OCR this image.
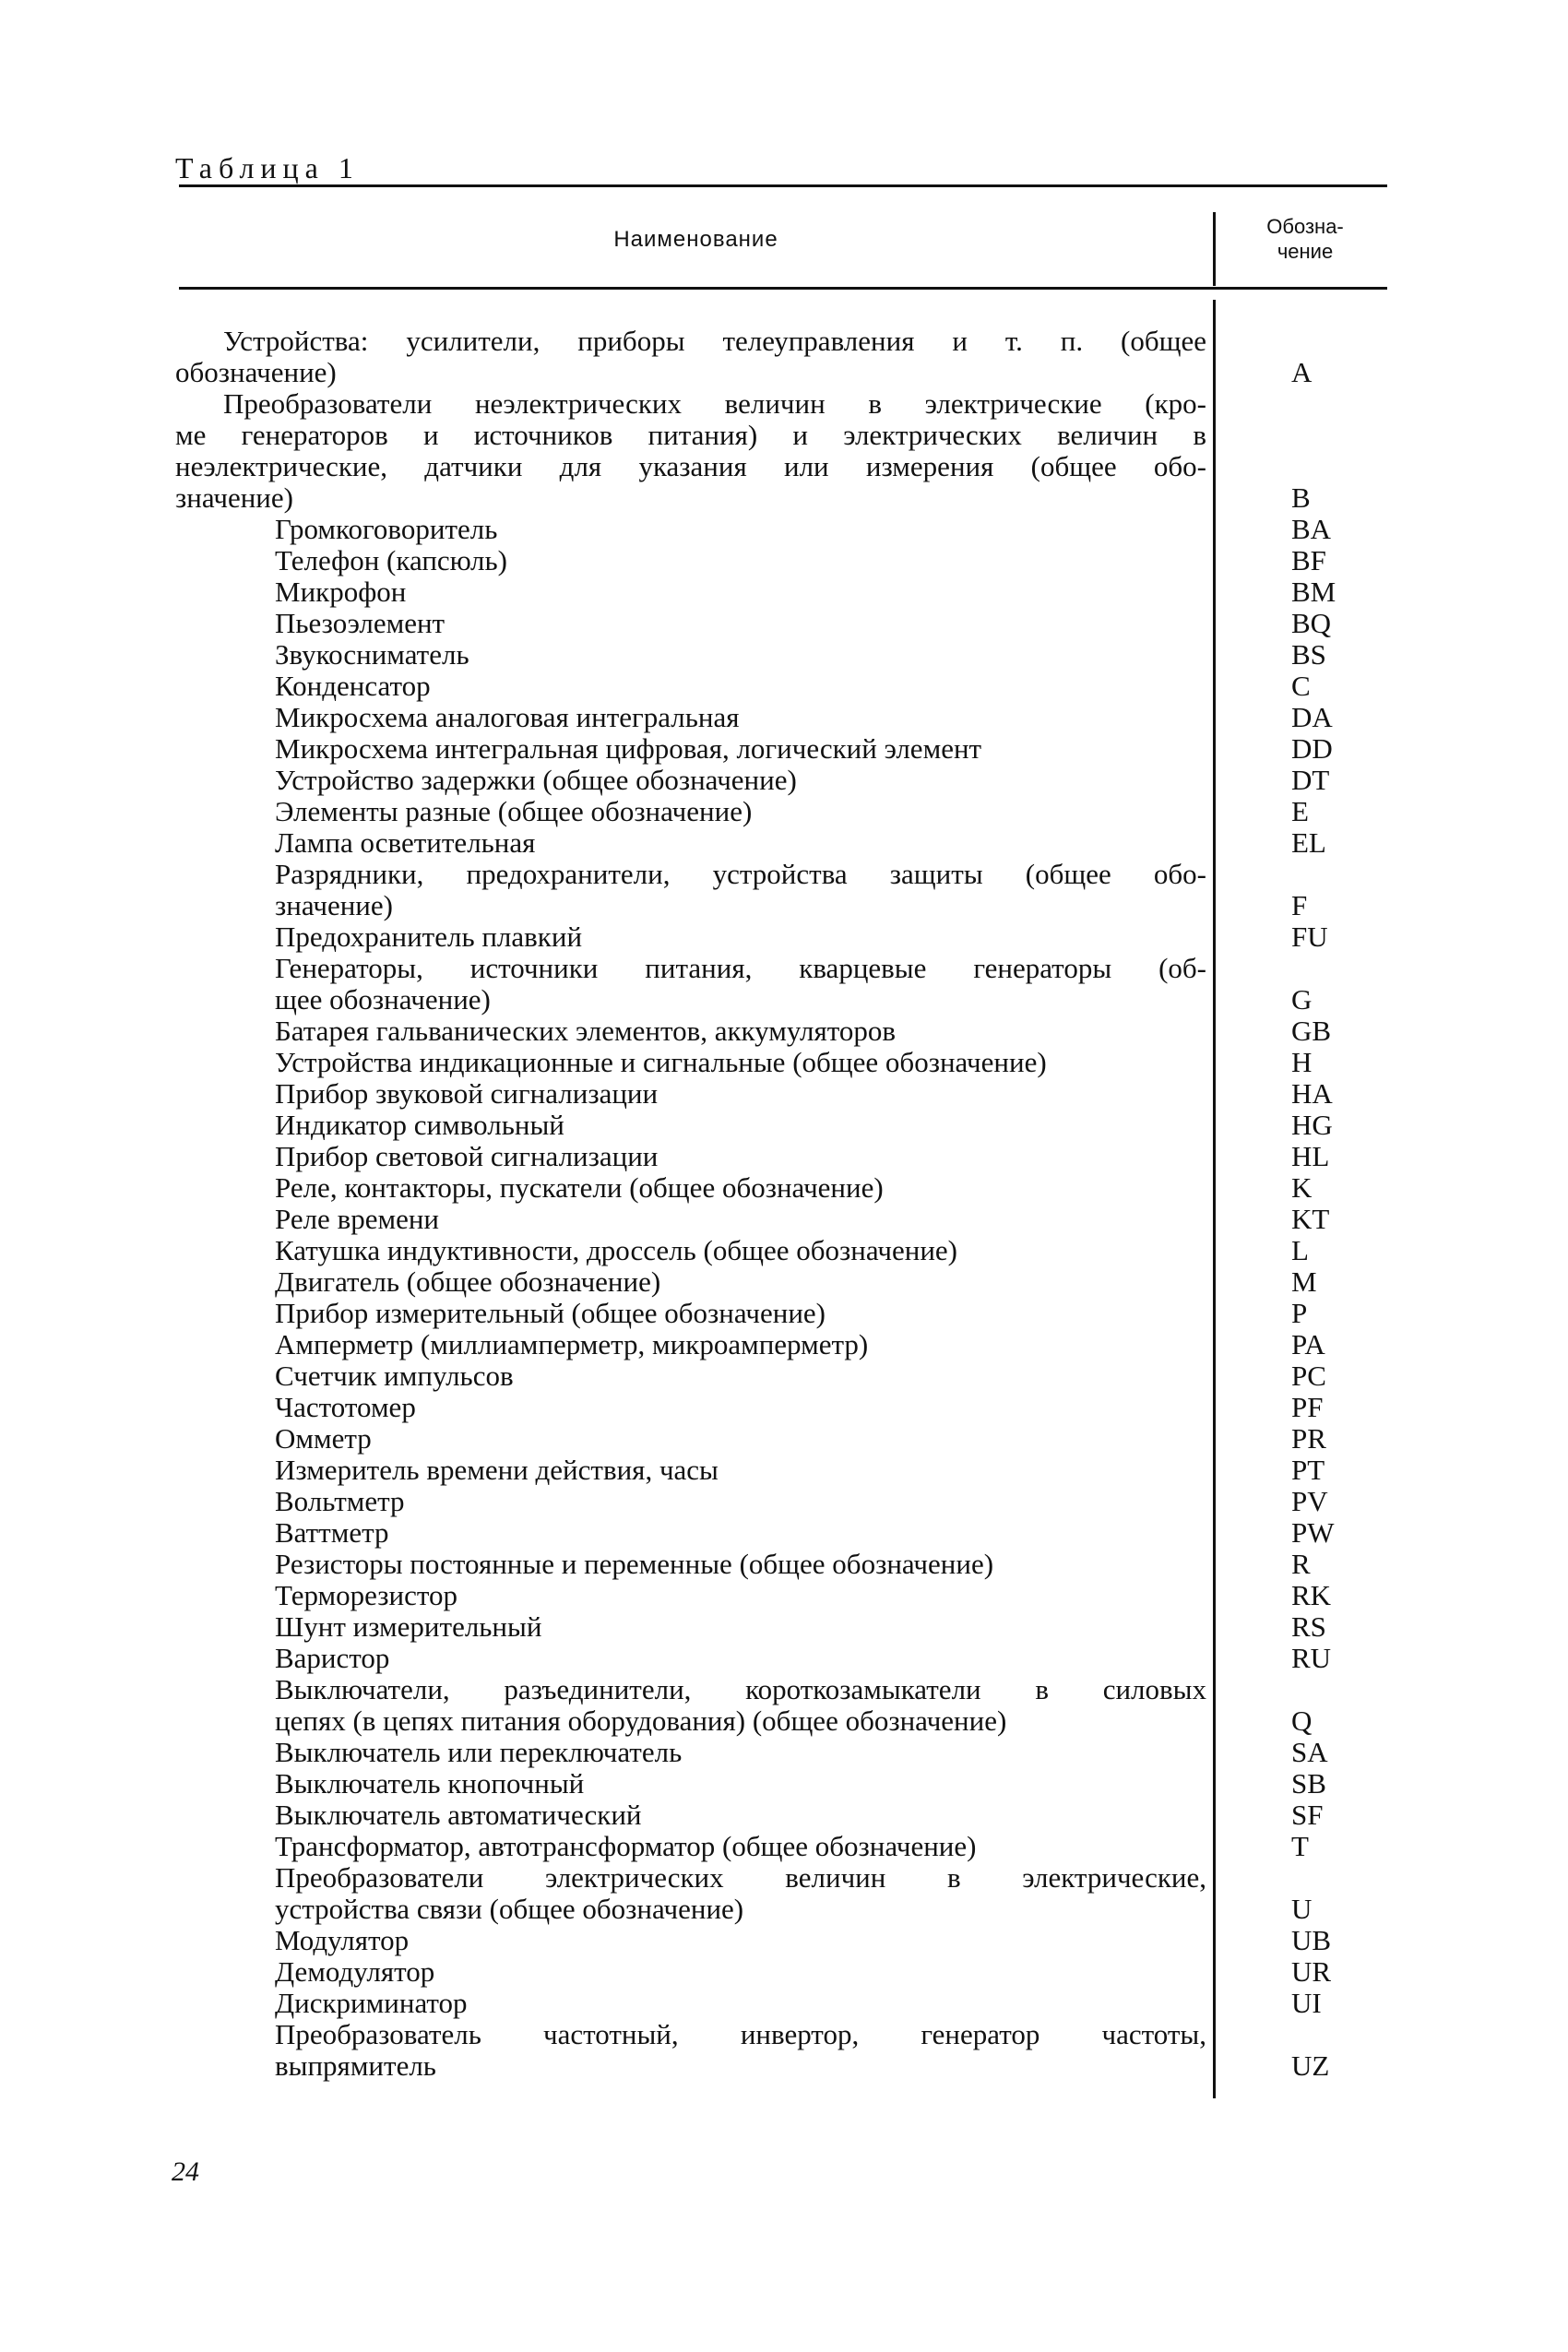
Таблица 1
Наименование
Обозна-
чение
Устройства: усилители, приборы телеуправления и т. п. (общее
обозначение)	A
Преобразователи неэлектрических величин в электрические (кро-
ме генераторов и источников питания) и электрических величин в
неэлектрические, датчики для указания или измерения (общее обо-
значение)	B
Громкоговоритель	BA
Телефон (капсюль)	BF
Микрофон	BM
Пьезоэлемент	BQ
Звукосниматель	BS
Конденсатор	C
Микросхема аналоговая интегральная	DA
Микросхема интегральная цифровая, логический элемент	DD
Устройство задержки (общее обозначение)	DT
Элементы разные (общее обозначение)	E
Лампа осветительная	EL
Разрядники, предохранители, устройства защиты (общее обо-
значение)	F
Предохранитель плавкий	FU
Генераторы, источники питания, кварцевые генераторы (об-
щее обозначение)	G
Батарея гальванических элементов, аккумуляторов	GB
Устройства индикационные и сигнальные (общее обозначение)	H
Прибор звуковой сигнализации	HA
Индикатор символьный	HG
Прибор световой сигнализации	HL
Реле, контакторы, пускатели (общее обозначение)	K
Реле времени	KT
Катушка индуктивности, дроссель (общее обозначение)	L
Двигатель (общее обозначение)	M
Прибор измерительный (общее обозначение)	P
Амперметр (миллиамперметр, микроамперметр)	PA
Счетчик импульсов	PC
Частотомер	PF
Омметр	PR
Измеритель времени действия, часы	PT
Вольтметр	PV
Ваттметр	PW
Резисторы постоянные и переменные (общее обозначение)	R
Терморезистор	RK
Шунт измерительный	RS
Варистор	RU
Выключатели, разъединители, короткозамыкатели в силовых
цепях (в цепях питания оборудования) (общее обозначение)	Q
Выключатель или переключатель	SA
Выключатель кнопочный	SB
Выключатель автоматический	SF
Трансформатор, автотрансформатор (общее обозначение)	T
Преобразователи электрических величин в электрические,
устройства связи (общее обозначение)	U
Модулятор	UB
Демодулятор	UR
Дискриминатор	UI
Преобразователь частотный, инвертор, генератор частоты,
выпрямитель	UZ
24
